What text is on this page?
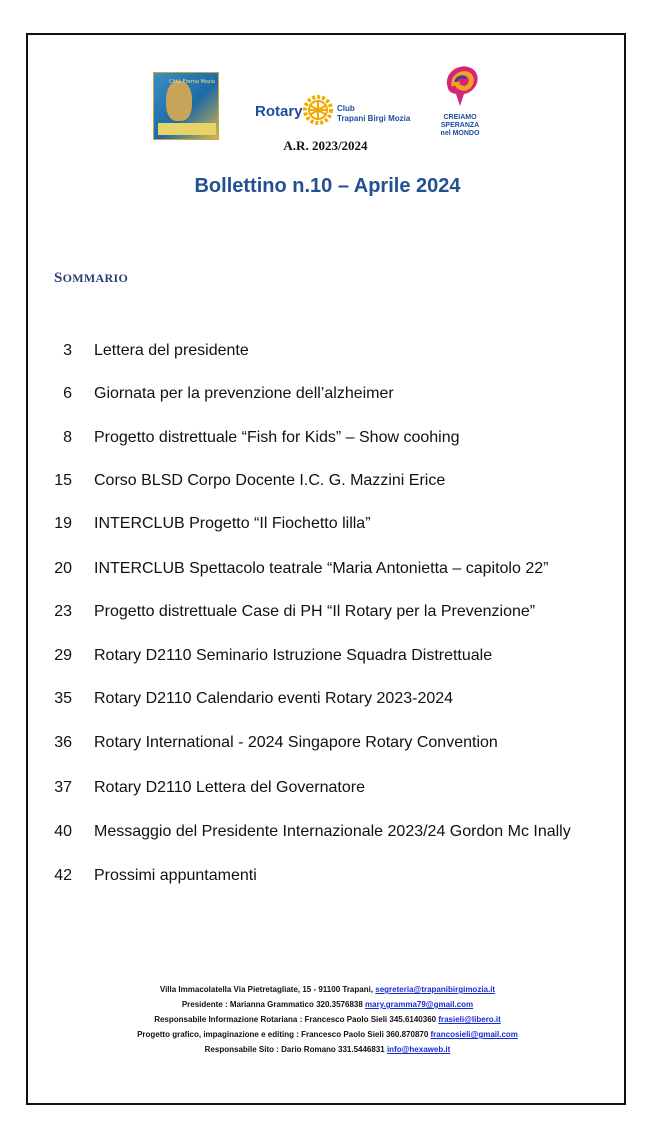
Città Eterna Mozia
Rotary	Club
Trapani Birgi Mozia	CREIAMO SPERANZA
nel MONDO
A.R. 2023/2024
Bollettino n.10 – Aprile 2024
SOMMARIO
3 Lettera del presidente
6 Giornata per la prevenzione dell’alzheimer
8 Progetto distrettuale “Fish for Kids” – Show coohing
15 Corso BLSD Corpo Docente I.C. G. Mazzini Erice
19 INTERCLUB Progetto “Il Fiochetto lilla”
20 INTERCLUB Spettacolo teatrale “Maria Antonietta – capitolo 22”
23 Progetto distrettuale Case di PH “Il Rotary per la Prevenzione”
29 Rotary D2110 Seminario Istruzione Squadra Distrettuale
35 Rotary D2110 Calendario eventi Rotary 2023-2024
36 Rotary International - 2024 Singapore Rotary Convention
37 Rotary D2110 Lettera del Governatore
40 Messaggio del Presidente Internazionale 2023/24 Gordon Mc Inally
42 Prossimi appuntamenti
Villa Immacolatella Via Pietretagliate, 15 - 91100 Trapani, segreteria@trapanibirgimozia.it
Presidente : Marianna Grammatico 320.3576838 mary.gramma79@gmail.com
Responsabile Informazione Rotariana : Francesco Paolo Sieli 345.6140360 frasieli@libero.it
Progetto grafico, impaginazione e editing : Francesco Paolo Sieli 360.870870 francosieli@gmail.com
Responsabile Sito : Dario Romano 331.5446831 info@hexaweb.it
